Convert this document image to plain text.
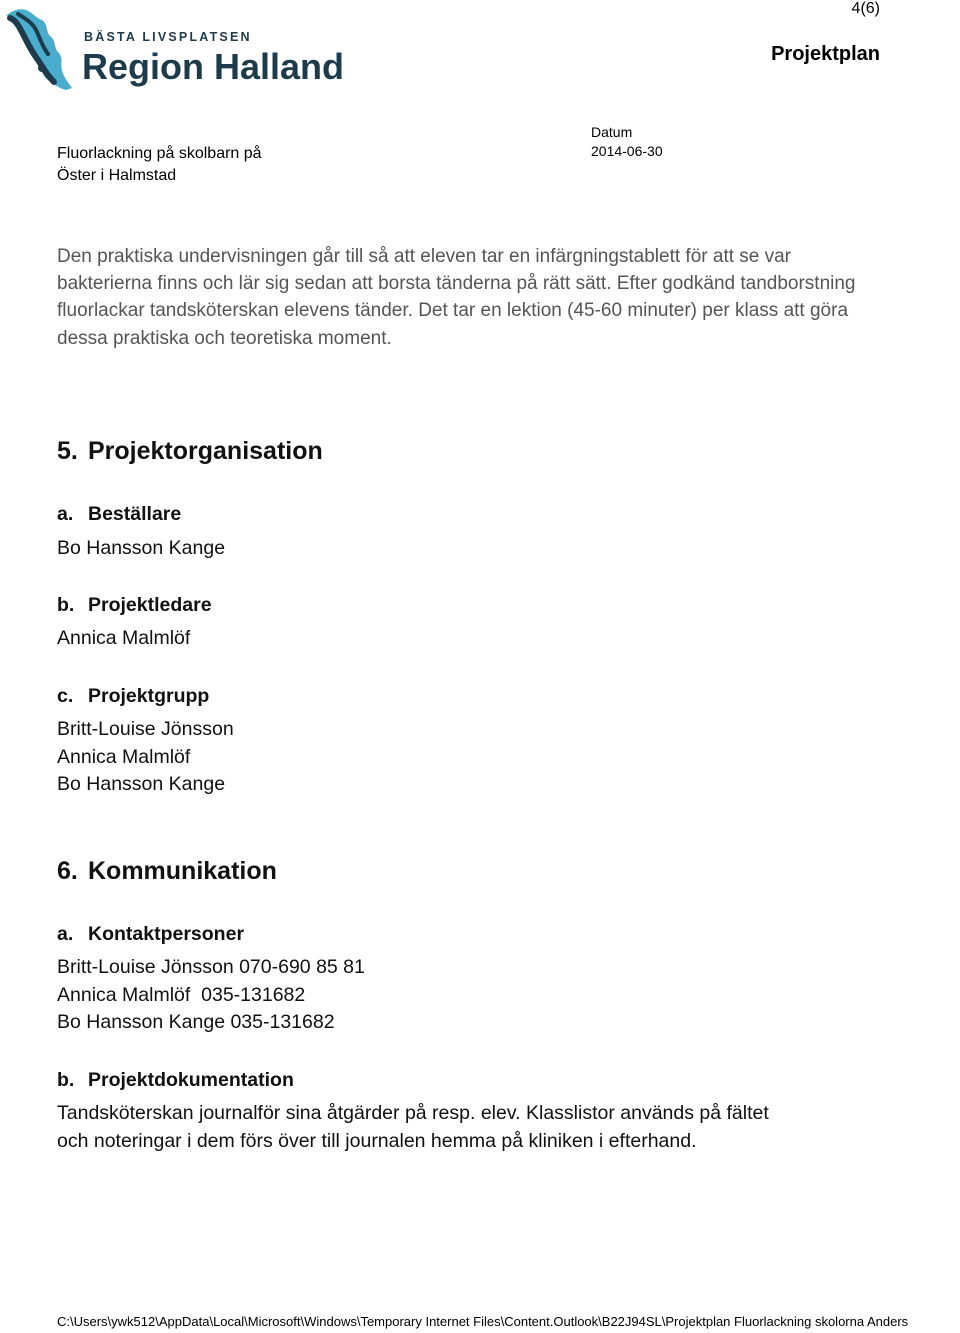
BÄSTA LIVSPLATSEN
Region Halland
4(6)
Projektplan
Fluorlackning på skolbarn på
Öster i Halmstad
Datum
2014-06-30
Den praktiska undervisningen går till så att eleven tar en infärgningstablett för att se var bakterierna finns och lär sig sedan att borsta tänderna på rätt sätt. Efter godkänd tandborstning fluorlackar tandsköterskan elevens tänder. Det tar en lektion (45-60 minuter) per klass att göra dessa praktiska och teoretiska moment.
5. Projektorganisation
a. Beställare
Bo Hansson Kange
b. Projektledare
Annica Malmlöf
c. Projektgrupp
Britt-Louise Jönsson
Annica Malmlöf
Bo Hansson Kange
6. Kommunikation
a. Kontaktpersoner
Britt-Louise Jönsson 070-690 85 81
Annica Malmlöf  035-131682
Bo Hansson Kange 035-131682
b. Projektdokumentation
Tandsköterskan journalför sina åtgärder på resp. elev. Klasslistor används på fältet
och noteringar i dem förs över till journalen hemma på kliniken i efterhand.
C:\Users\ywk512\AppData\Local\Microsoft\Windows\Temporary Internet Files\Content.Outlook\B22J94SL\Projektplan Fluorlackning skolorna Anders
